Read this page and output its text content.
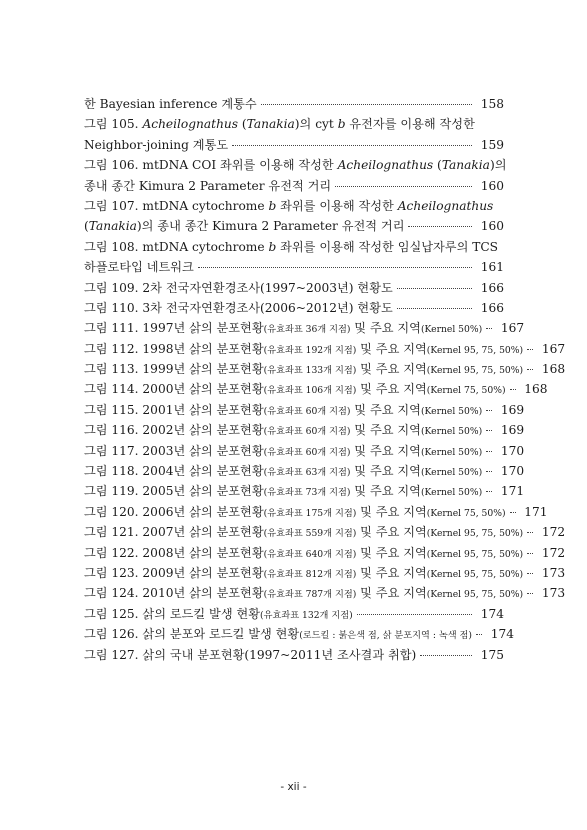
한 Bayesian inference 계통수	158
그림 105. Acheilognathus (Tanakia)의 cyt b 유전자를 이용해 작성한
Neighbor-joining 계통도	159
그림 106. mtDNA COI 좌위를 이용해 작성한 Acheilognathus (Tanakia)의
종내 종간 Kimura 2 Parameter 유전적 거리	160
그림 107. mtDNA cytochrome b 좌위를 이용해 작성한 Acheilognathus
(Tanakia)의 종내 종간 Kimura 2 Parameter 유전적 거리	160
그림 108. mtDNA cytochrome b 좌위를 이용해 작성한 임실납자루의 TCS
하플로타입 네트워크	161
그림 109. 2차 전국자연환경조사(1997~2003년) 현황도	166
그림 110. 3차 전국자연환경조사(2006~2012년) 현황도	166
그림 111. 1997년 삵의 분포현황(유효좌표 36개 지점) 및 주요 지역(Kernel 50%)	167
그림 112. 1998년 삵의 분포현황(유효좌표 192개 지점) 및 주요 지역(Kernel 95, 75, 50%)	167
그림 113. 1999년 삵의 분포현황(유효좌표 133개 지점) 및 주요 지역(Kernel 95, 75, 50%)	168
그림 114. 2000년 삵의 분포현황(유효좌표 106개 지점) 및 주요 지역(Kernel 75, 50%)	168
그림 115. 2001년 삵의 분포현황(유효좌표 60개 지점) 및 주요 지역(Kernel 50%)	169
그림 116. 2002년 삵의 분포현황(유효좌표 60개 지점) 및 주요 지역(Kernel 50%)	169
그림 117. 2003년 삵의 분포현황(유효좌표 60개 지점) 및 주요 지역(Kernel 50%)	170
그림 118. 2004년 삵의 분포현황(유효좌표 63개 지점) 및 주요 지역(Kernel 50%)	170
그림 119. 2005년 삵의 분포현황(유효좌표 73개 지점) 및 주요 지역(Kernel 50%)	171
그림 120. 2006년 삵의 분포현황(유효좌표 175개 지점) 및 주요 지역(Kernel 75, 50%)	171
그림 121. 2007년 삵의 분포현황(유효좌표 559개 지점) 및 주요 지역(Kernel 95, 75, 50%)	172
그림 122. 2008년 삵의 분포현황(유효좌표 640개 지점) 및 주요 지역(Kernel 95, 75, 50%)	172
그림 123. 2009년 삵의 분포현황(유효좌표 812개 지점) 및 주요 지역(Kernel 95, 75, 50%)	173
그림 124. 2010년 삵의 분포현황(유효좌표 787개 지점) 및 주요 지역(Kernel 95, 75, 50%)	173
그림 125. 삵의 로드킬 발생 현황(유효좌표 132개 지점)	174
그림 126. 삵의 분포와 로드킬 발생 현황(로드킬 : 붉은색 점, 삵 분포지역 : 녹색 점)	174
그림 127. 삵의 국내 분포현황(1997~2011년 조사결과 취합)	175
- xii -
